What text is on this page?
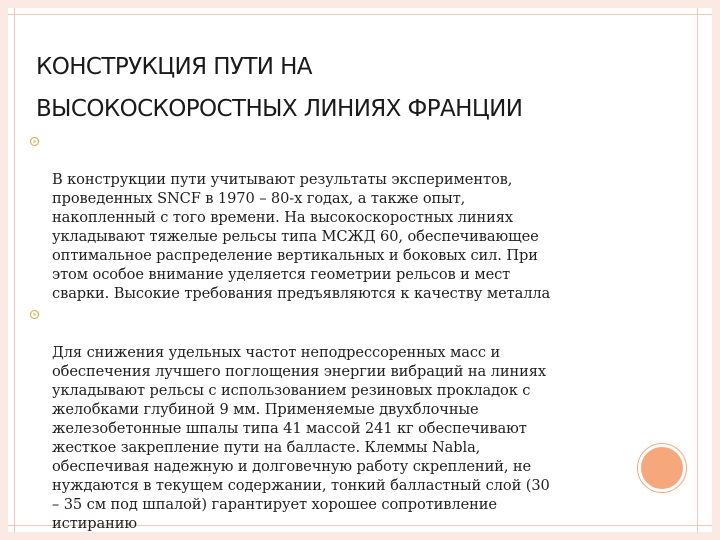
КОНСТРУКЦИЯ ПУТИ НА
ВЫСОКОСКОРОСТНЫХ ЛИНИЯХ ФРАНЦИИ

В конструкции пути учитывают результаты экспериментов,
проведенных SNCF в 1970 – 80-х годах, а также опыт,
накопленный с того времени. На высокоскоростных линиях
укладывают тяжелые рельсы типа МСЖД 60, обеспечивающее
оптимальное распределение вертикальных и боковых сил. При
этом особое внимание уделяется геометрии рельсов и мест
сварки. Высокие требования предъявляются к качеству металла

Для снижения удельных частот неподрессоренных масс и
обеспечения лучшего поглощения энергии вибраций на линиях
укладывают рельсы с использованием резиновых прокладок с
желобками глубиной 9 мм. Применяемые двухблочные
железобетонные шпалы типа 41 массой 241 кг обеспечивают
жесткое закрепление пути на балласте. Клеммы Nabla,
обеспечивая надежную и долговечную работу скреплений, не
нуждаются в текущем содержании, тонкий балластный слой (30
– 35 см под шпалой) гарантирует хорошее сопротивление
истиранию
